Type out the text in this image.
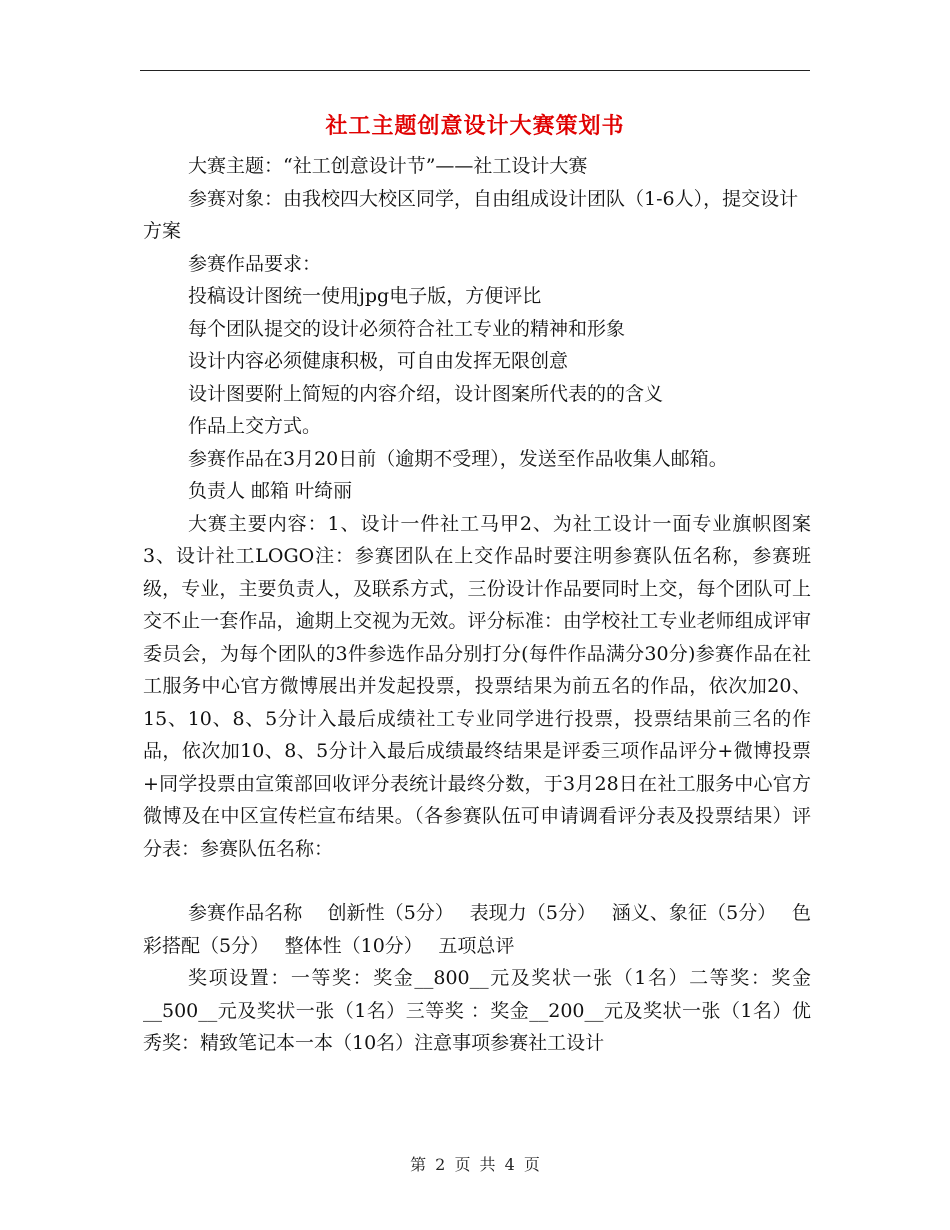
社工主题创意设计大赛策划书

大赛主题：“社工创意设计节”——社工设计大赛

参赛对象：由我校四大校区同学，自由组成设计团队（1-6人），提交设计方案

参赛作品要求：

投稿设计图统一使用jpg电子版，方便评比

每个团队提交的设计必须符合社工专业的精神和形象

设计内容必须健康积极，可自由发挥无限创意

设计图要附上简短的内容介绍，设计图案所代表的的含义

作品上交方式。

参赛作品在3月20日前（逾期不受理），发送至作品收集人邮箱。

负责人 邮箱 叶绮丽

大赛主要内容：1、设计一件社工马甲2、为社工设计一面专业旗帜图案3、设计社工LOGO注：参赛团队在上交作品时要注明参赛队伍名称，参赛班级，专业，主要负责人，及联系方式，三份设计作品要同时上交，每个团队可上交不止一套作品，逾期上交视为无效。评分标准：由学校社工专业老师组成评审委员会，为每个团队的3件参选作品分别打分(每件作品满分30分)参赛作品在社工服务中心官方微博展出并发起投票，投票结果为前五名的作品，依次加20、15、10、8、5分计入最后成绩社工专业同学进行投票，投票结果前三名的作品，依次加10、8、5分计入最后成绩最终结果是评委三项作品评分+微博投票+同学投票由宣策部回收评分表统计最终分数，于3月28日在社工服务中心官方微博及在中区宣传栏宣布结果。（各参赛队伍可申请调看评分表及投票结果）评分表：参赛队伍名称：

参赛作品名称　 创新性（5分）　 表现力（5分）　 涵义、象征（5分）　 色彩搭配（5分）　 整体性（10分）　 五项总评

奖项设置：一等奖：奖金__800__元及奖状一张（1名）二等奖：奖金__500__元及奖状一张（1名）三等奖 ：奖金__200__元及奖状一张（1名）优秀奖：精致笔记本一本（10名）注意事项参赛社工设计

第 2 页 共 4 页
